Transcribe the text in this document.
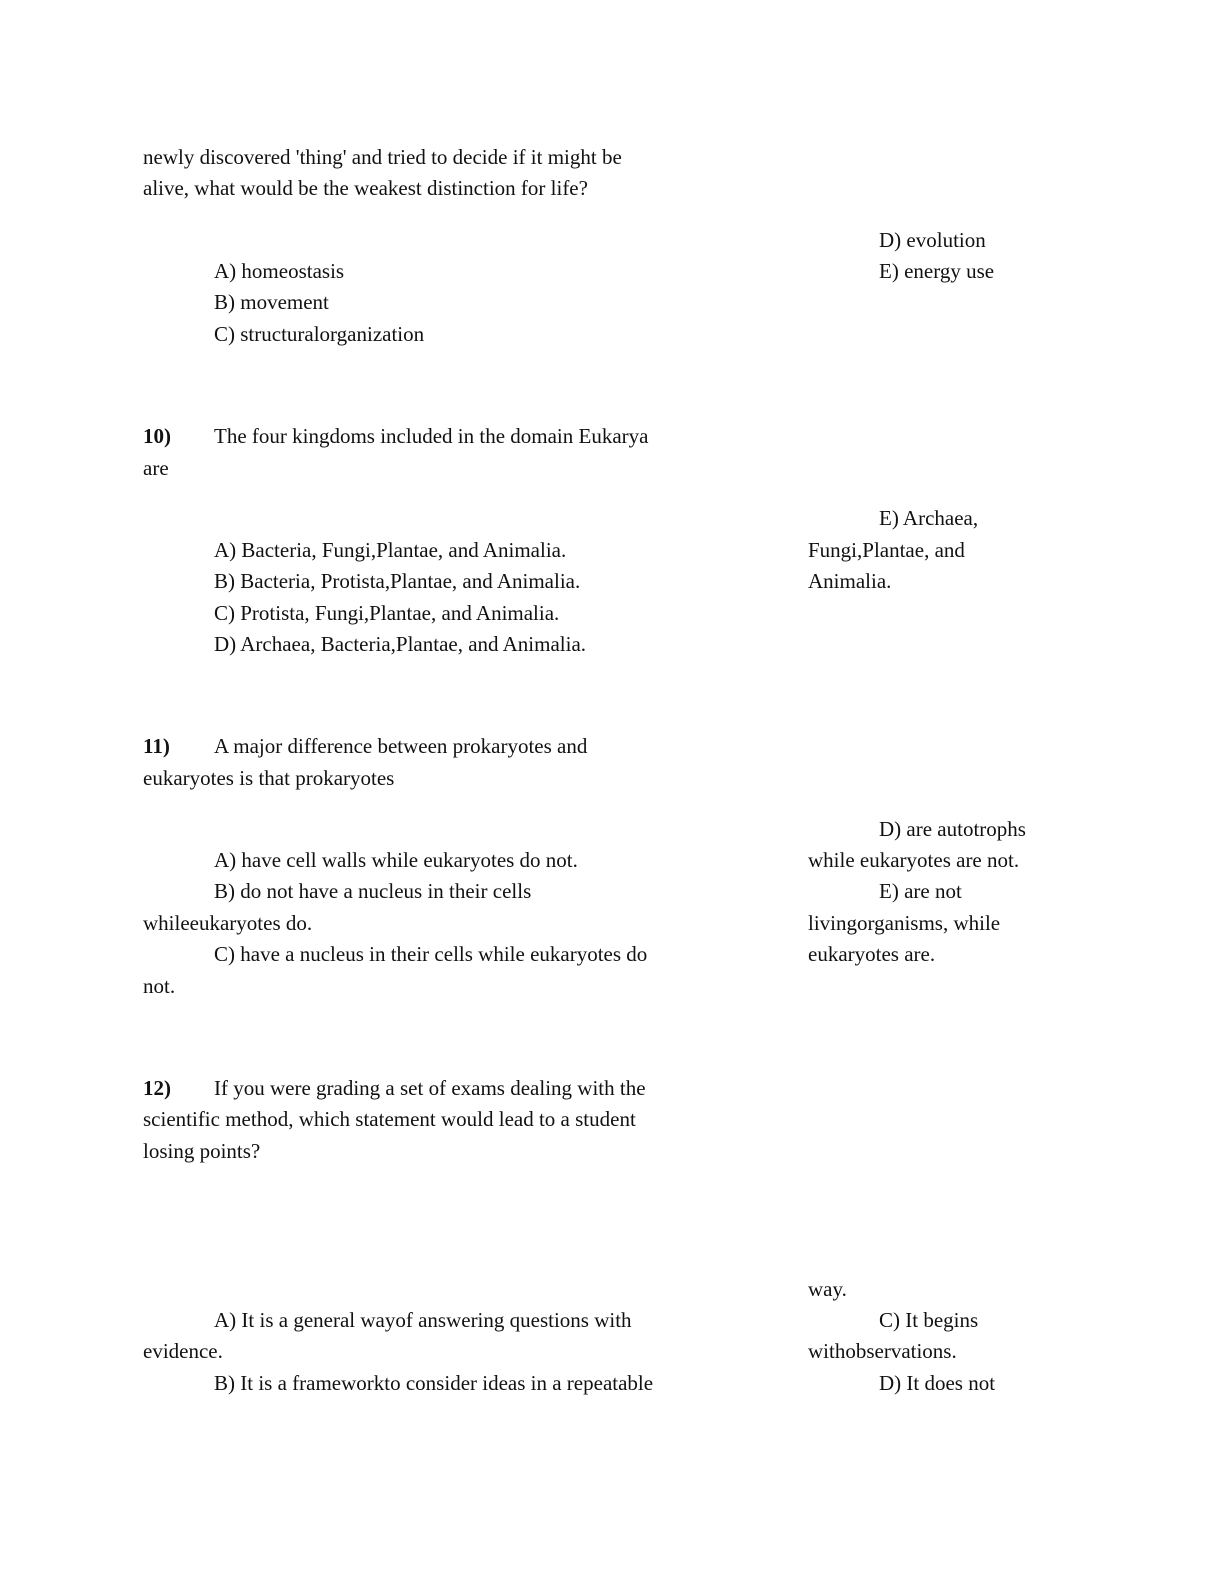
newly discovered 'thing' and tried to decide if it might be
alive, what would be the weakest distinction for life?
A) homeostasis
B) movement
C) structuralorganization
D) evolution
E) energy use
10) The four kingdoms included in the domain Eukarya
are
A) Bacteria, Fungi,Plantae, and Animalia.
B) Bacteria, Protista,Plantae, and Animalia.
C) Protista, Fungi,Plantae, and Animalia.
D) Archaea, Bacteria,Plantae, and Animalia.
E) Archaea,
Fungi,Plantae, and
Animalia.
11) A major difference between prokaryotes and
eukaryotes is that prokaryotes
A) have cell walls while eukaryotes do not.
B) do not have a nucleus in their cells
whileeukaryotes do.
C) have a nucleus in their cells while eukaryotes do
not.
D) are autotrophs
while eukaryotes are not.
E) are not
livingorganisms, while
eukaryotes are.
12) If you were grading a set of exams dealing with the
scientific method, which statement would lead to a student
losing points?
A) It is a general wayof answering questions with
evidence.
B) It is a frameworkto consider ideas in a repeatable
way.
C) It begins
withobservations.
D) It does not
